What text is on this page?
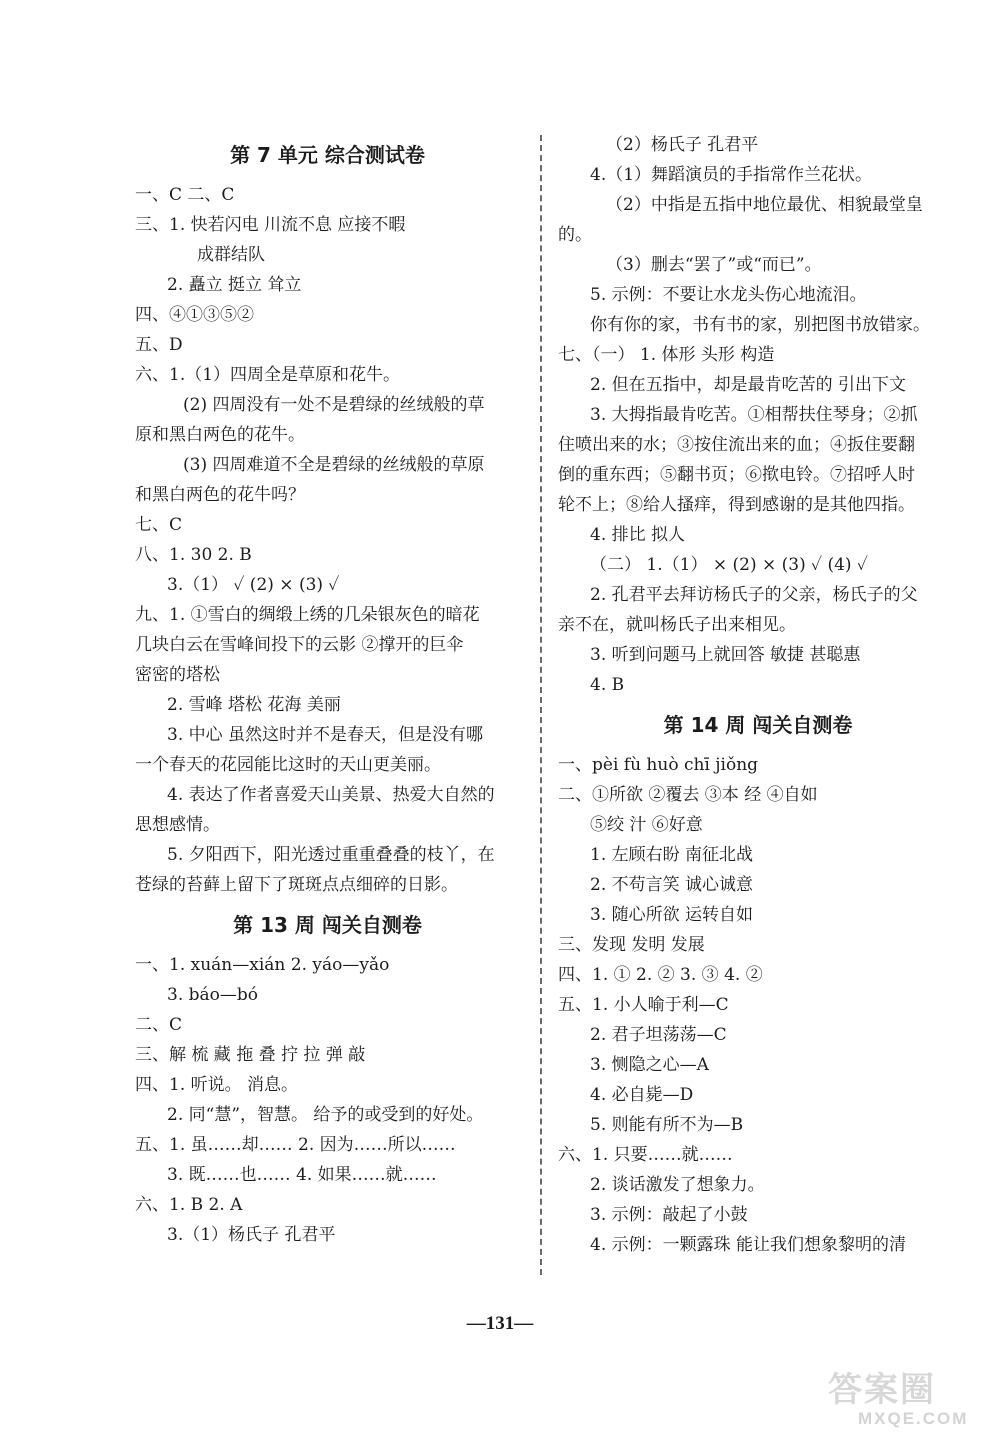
第 7 单元 综合测试卷
一、C 二、C
三、1. 快若闪电 川流不息 应接不暇
成群结队
2. 矗立 挺立 耸立
四、④①③⑤②
五、D
六、1.（1）四周全是草原和花牛。
(2) 四周没有一处不是碧绿的丝绒般的草
原和黑白两色的花牛。
(3) 四周难道不全是碧绿的丝绒般的草原
和黑白两色的花牛吗？
七、C
八、1. 30 2. B
3.（1） ✓ (2) × (3) ✓
九、1. ①雪白的绸缎上绣的几朵银灰色的暗花
几块白云在雪峰间投下的云影 ②撑开的巨伞
密密的塔松
2. 雪峰 塔松 花海 美丽
3. 中心 虽然这时并不是春天，但是没有哪
一个春天的花园能比这时的天山更美丽。
4. 表达了作者喜爱天山美景、热爱大自然的
思想感情。
5. 夕阳西下，阳光透过重重叠叠的枝丫，在
苍绿的苔藓上留下了斑斑点点细碎的日影。
第 13 周 闯关自测卷
一、1. xuán—xián 2. yáo—yǎo
3. báo—bó
二、C
三、解 梳 藏 拖 叠 拧 拉 弹 敲
四、1. 听说。 消息。
2. 同“慧”，智慧。 给予的或受到的好处。
五、1. 虽……却…… 2. 因为……所以……
3. 既……也…… 4. 如果……就……
六、1. B 2. A
3.（1）杨氏子 孔君平
（2）杨氏子 孔君平
4.（1）舞蹈演员的手指常作兰花状。
（2）中指是五指中地位最优、相貌最堂皇
的。
（3）删去“罢了”或“而已”。
5. 示例：不要让水龙头伤心地流泪。
你有你的家，书有书的家，别把图书放错家。
七、（一） 1. 体形 头形 构造
2. 但在五指中，却是最肯吃苦的 引出下文
3. 大拇指最肯吃苦。①相帮扶住琴身；②抓
住喷出来的水；③按住流出来的血；④扳住要翻
倒的重东西；⑤翻书页；⑥揿电铃。⑦招呼人时
轮不上；⑧给人搔痒，得到感谢的是其他四指。
4. 排比 拟人
（二） 1.（1） × (2) × (3) ✓ (4) ✓
2. 孔君平去拜访杨氏子的父亲，杨氏子的父
亲不在，就叫杨氏子出来相见。
3. 听到问题马上就回答 敏捷 甚聪惠
4. B
第 14 周 闯关自测卷
一、pèi fù huò chī jiǒng
二、①所欲 ②覆去 ③本 经 ④自如
⑤绞 汁 ⑥好意
1. 左顾右盼 南征北战
2. 不苟言笑 诚心诚意
3. 随心所欲 运转自如
三、发现 发明 发展
四、1. ① 2. ② 3. ③ 4. ②
五、1. 小人喻于利—C
2. 君子坦荡荡—C
3. 恻隐之心—A
4. 必自毙—D
5. 则能有所不为—B
六、1. 只要……就……
2. 谈话激发了想象力。
3. 示例：敲起了小鼓
4. 示例：一颗露珠 能让我们想象黎明的清
—131—
答案圈
MXQE.COM
